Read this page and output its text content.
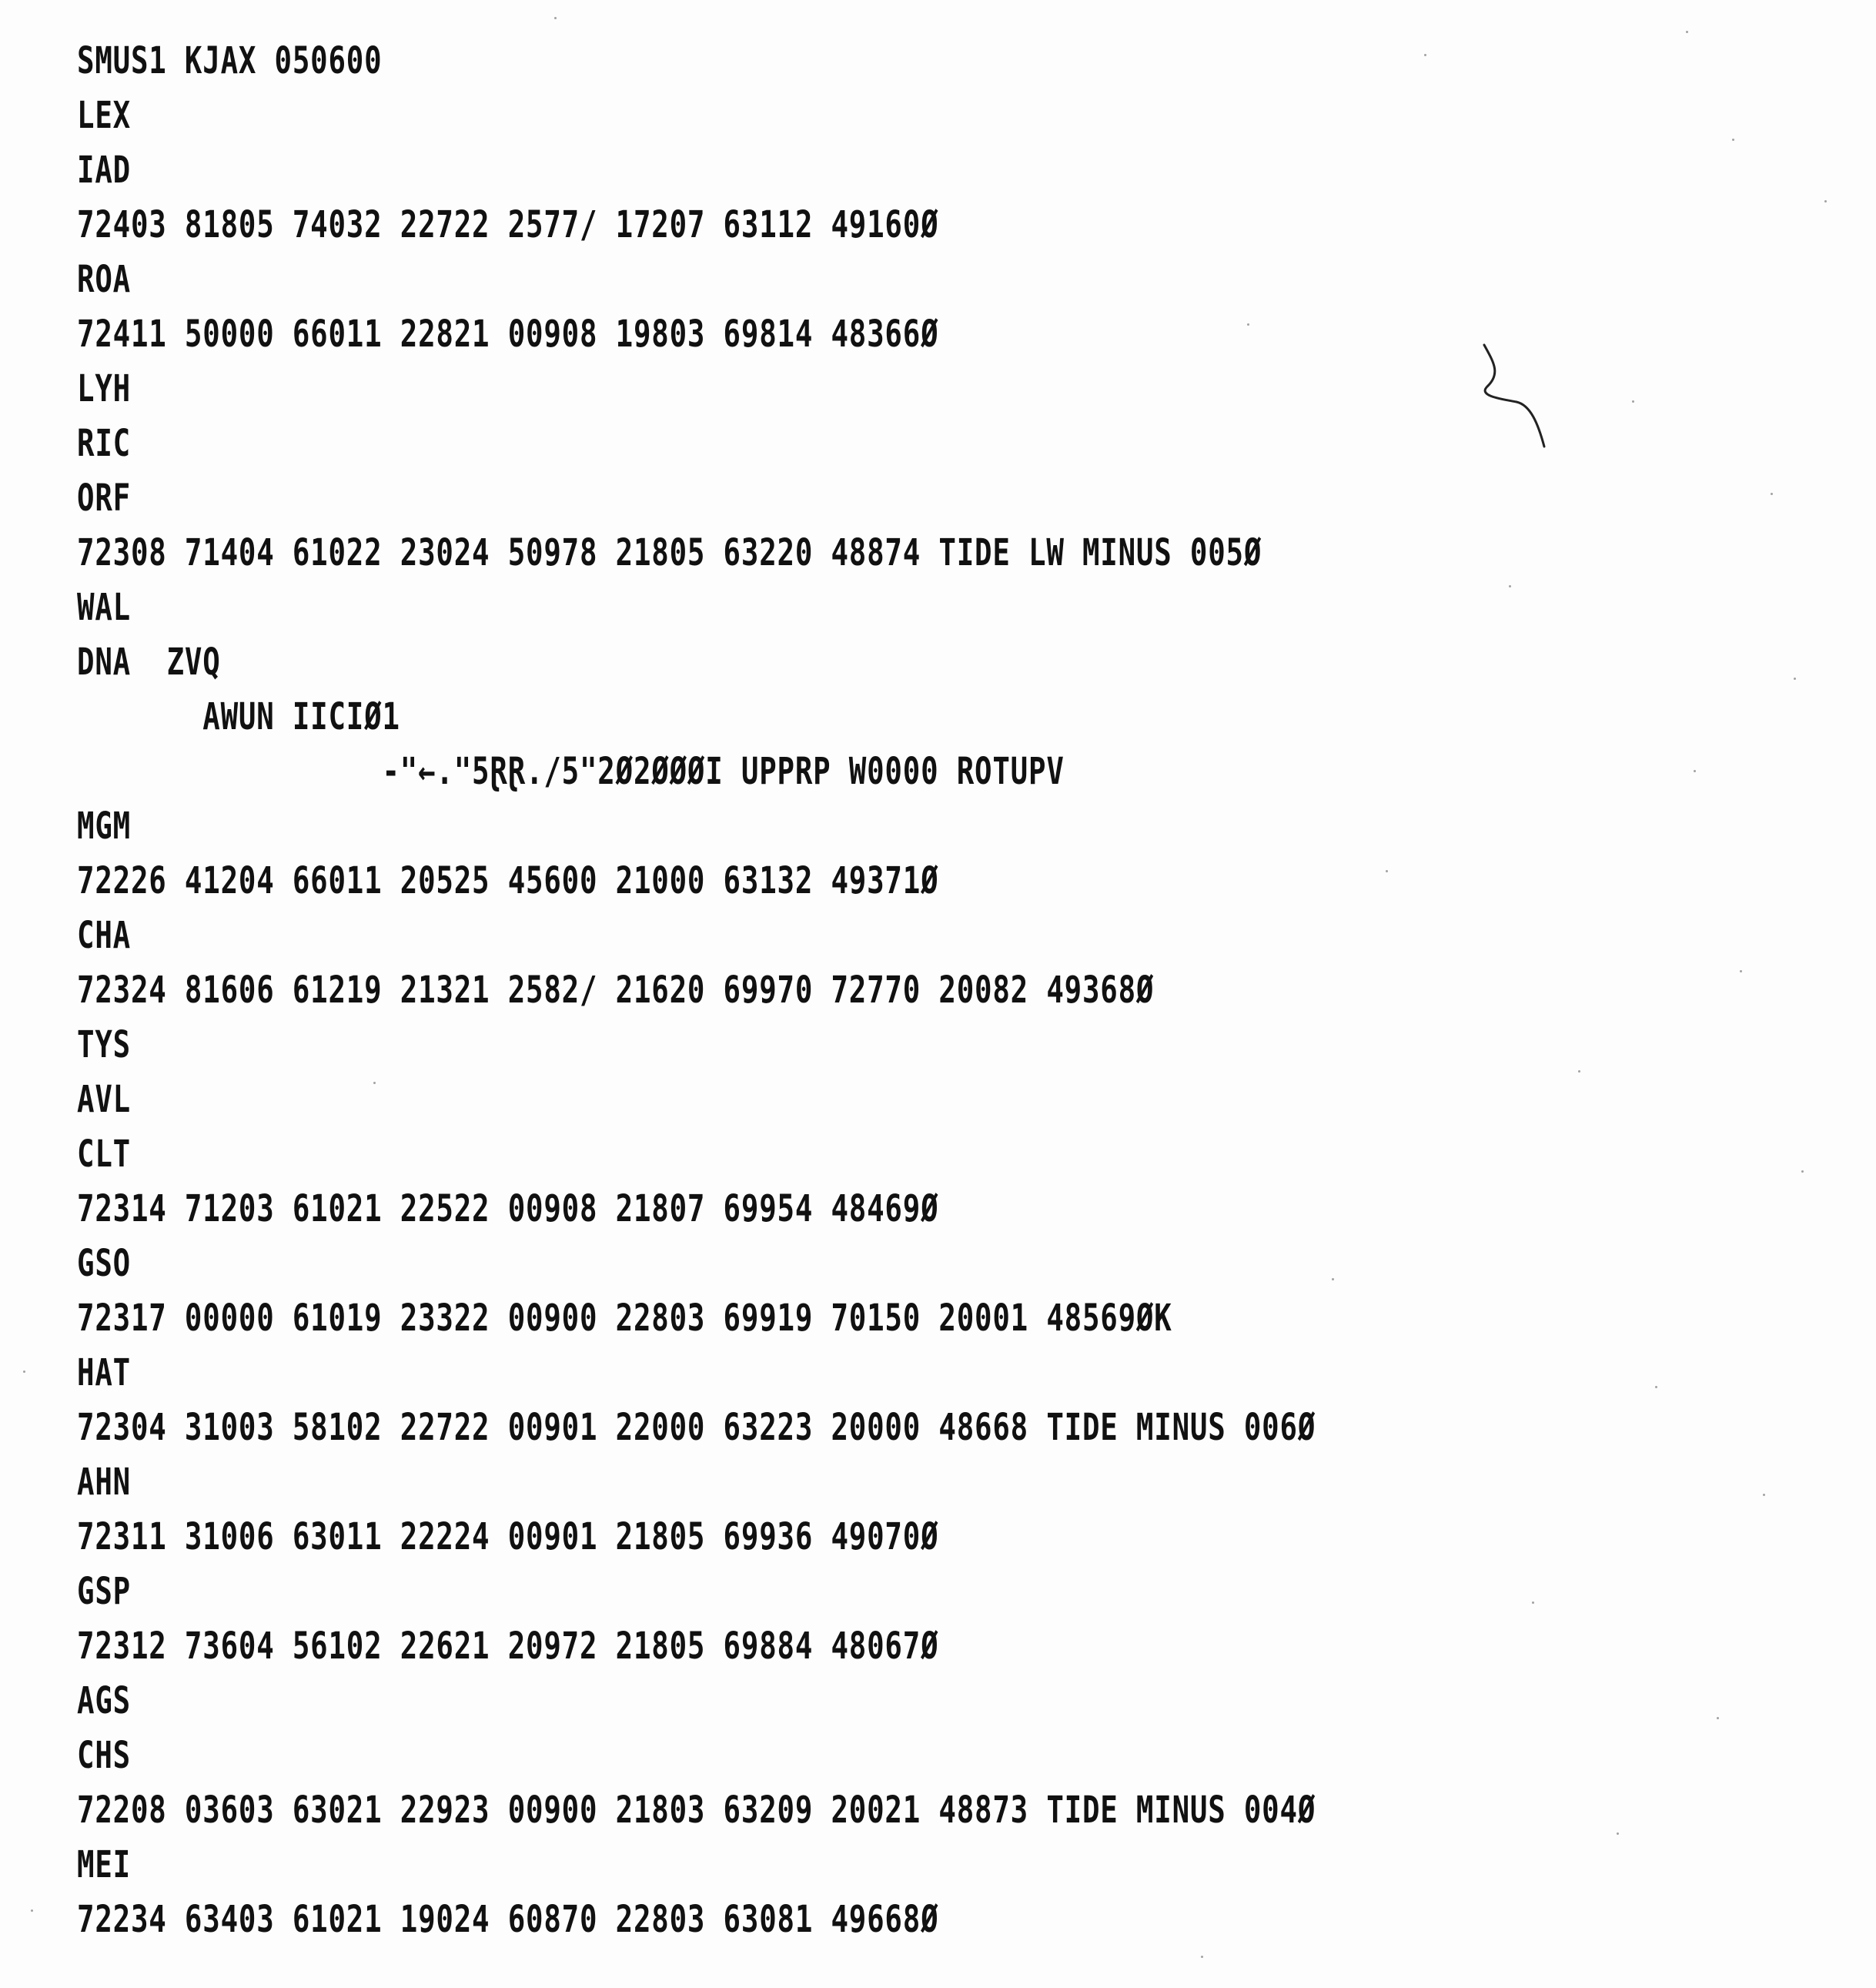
SMUS1 KJAX 050600
LEX
IAD
72403 81805 74032 22722 2577/ 17207 63112 49160Ø
ROA
72411 50000 66011 22821 00908 19803 69814 48366Ø
LYH
RIC
ORF
72308 71404 61022 23024 50978 21805 63220 48874 TIDE LW MINUS 005Ø
WAL
DNA  ZVQ
AWUN IICIØ1
-"←."5ⱤⱤ./5"2Ø2ØØØI UPPRP W0000 ROTUPV
MGM
72226 41204 66011 20525 45600 21000 63132 49371Ø
CHA
72324 81606 61219 21321 2582/ 21620 69970 72770 20082 49368Ø
TYS
AVL
CLT
72314 71203 61021 22522 00908 21807 69954 48469Ø
GSO
72317 00000 61019 23322 00900 22803 69919 70150 20001 48569ØK
HAT
72304 31003 58102 22722 00901 22000 63223 20000 48668 TIDE MINUS 006Ø
AHN
72311 31006 63011 22224 00901 21805 69936 49070Ø
GSP
72312 73604 56102 22621 20972 21805 69884 48067Ø
AGS
CHS
72208 03603 63021 22923 00900 21803 63209 20021 48873 TIDE MINUS 004Ø
MEI
72234 63403 61021 19024 60870 22803 63081 49668Ø
